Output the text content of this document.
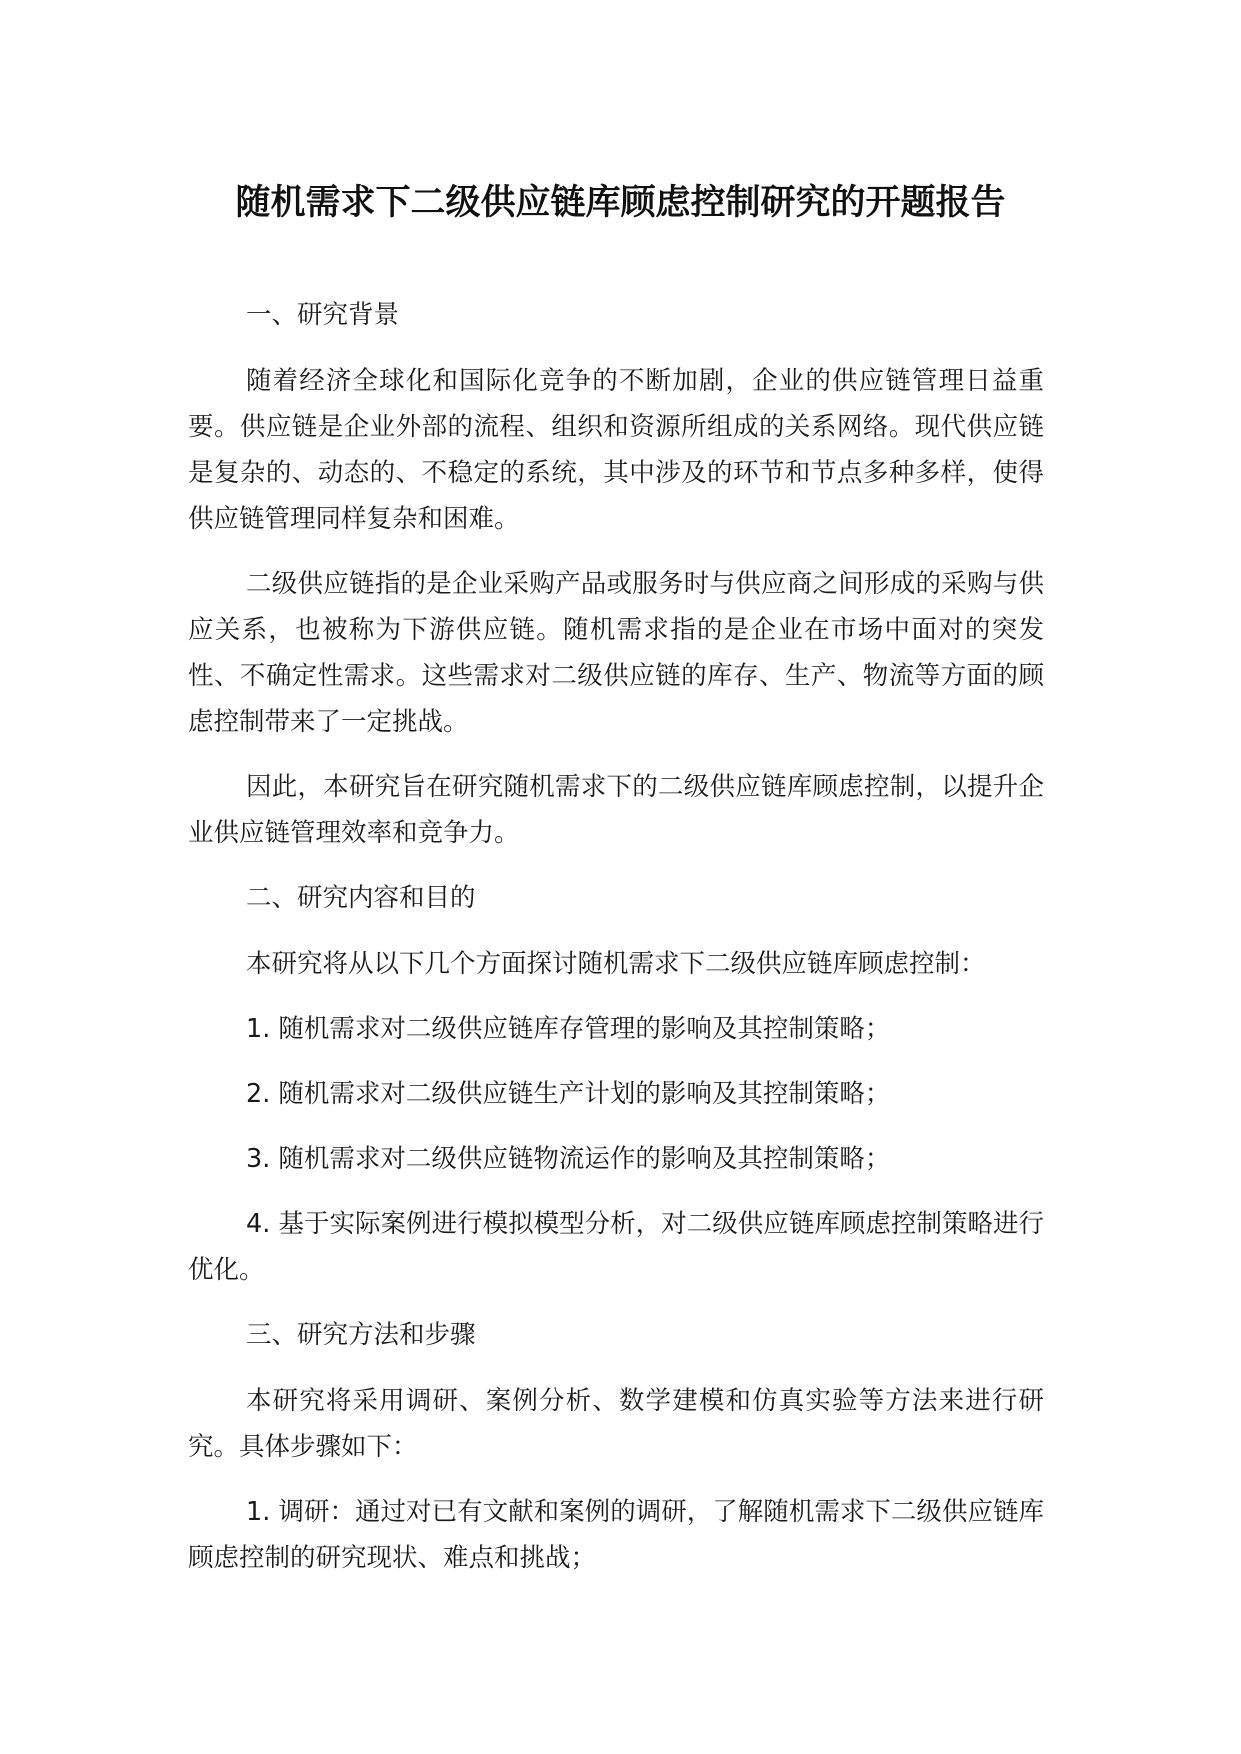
随机需求下二级供应链库顾虑控制研究的开题报告
一、研究背景

随着经济全球化和国际化竞争的不断加剧，企业的供应链管理日益重要。供应链是企业外部的流程、组织和资源所组成的关系网络。现代供应链是复杂的、动态的、不稳定的系统，其中涉及的环节和节点多种多样，使得供应链管理同样复杂和困难。

二级供应链指的是企业采购产品或服务时与供应商之间形成的采购与供应关系，也被称为下游供应链。随机需求指的是企业在市场中面对的突发性、不确定性需求。这些需求对二级供应链的库存、生产、物流等方面的顾虑控制带来了一定挑战。

因此，本研究旨在研究随机需求下的二级供应链库顾虑控制，以提升企业供应链管理效率和竞争力。

二、研究内容和目的

本研究将从以下几个方面探讨随机需求下二级供应链库顾虑控制：

1. 随机需求对二级供应链库存管理的影响及其控制策略；

2. 随机需求对二级供应链生产计划的影响及其控制策略；

3. 随机需求对二级供应链物流运作的影响及其控制策略；

4. 基于实际案例进行模拟模型分析，对二级供应链库顾虑控制策略进行优化。

三、研究方法和步骤

本研究将采用调研、案例分析、数学建模和仿真实验等方法来进行研究。具体步骤如下：

1. 调研：通过对已有文献和案例的调研，了解随机需求下二级供应链库顾虑控制的研究现状、难点和挑战；
